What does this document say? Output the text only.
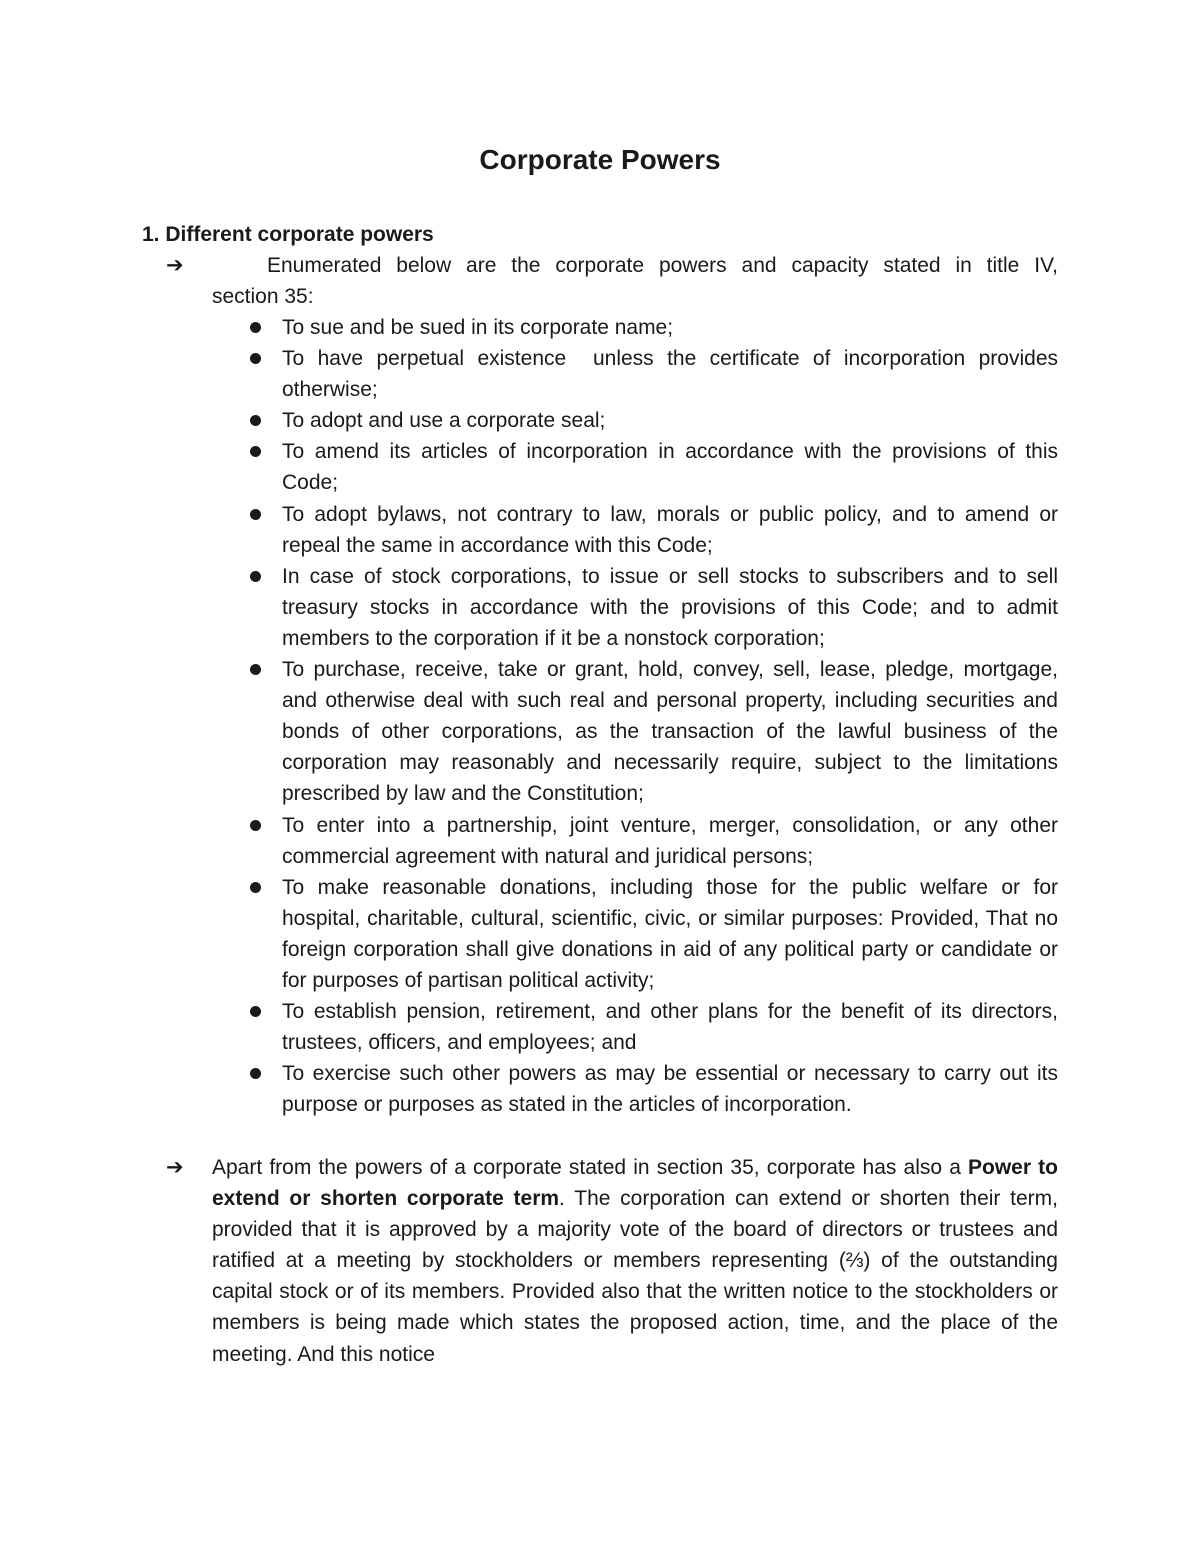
Corporate Powers
1. Different corporate powers
➔	Enumerated below are the corporate powers and capacity stated in title IV,
section 35:
To sue and be sued in its corporate name;
To have perpetual existence  unless the certificate of incorporation provides otherwise;
To adopt and use a corporate seal;
To amend its articles of incorporation in accordance with the provisions of this Code;
To adopt bylaws, not contrary to law, morals or public policy, and to amend or repeal the same in accordance with this Code;
In case of stock corporations, to issue or sell stocks to subscribers and to sell treasury stocks in accordance with the provisions of this Code; and to admit members to the corporation if it be a nonstock corporation;
To purchase, receive, take or grant, hold, convey, sell, lease, pledge, mortgage, and otherwise deal with such real and personal property, including securities and bonds of other corporations, as the transaction of the lawful business of the corporation may reasonably and necessarily require, subject to the limitations prescribed by law and the Constitution;
To enter into a partnership, joint venture, merger, consolidation, or any other commercial agreement with natural and juridical persons;
To make reasonable donations, including those for the public welfare or for hospital, charitable, cultural, scientific, civic, or similar purposes: Provided, That no foreign corporation shall give donations in aid of any political party or candidate or for purposes of partisan political activity;
To establish pension, retirement, and other plans for the benefit of its directors, trustees, officers, and employees; and
To exercise such other powers as may be essential or necessary to carry out its purpose or purposes as stated in the articles of incorporation.
➔ Apart from the powers of a corporate stated in section 35, corporate has also a Power to extend or shorten corporate term. The corporation can extend or shorten their term, provided that it is approved by a majority vote of the board of directors or trustees and ratified at a meeting by stockholders or members representing (⅔) of the outstanding capital stock or of its members. Provided also that the written notice to the stockholders or members is being made which states the proposed action, time, and the place of the meeting. And this notice
